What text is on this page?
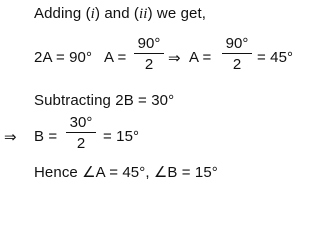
Adding (i) and (ii) we get,
2A = 90° A =
90°
2 ⇒ A =
90°
2	= 45°
Subtracting 2B = 30°
⇒ B =
30°
2	= 15°
Hence ∠A = 45°, ∠B = 15°
